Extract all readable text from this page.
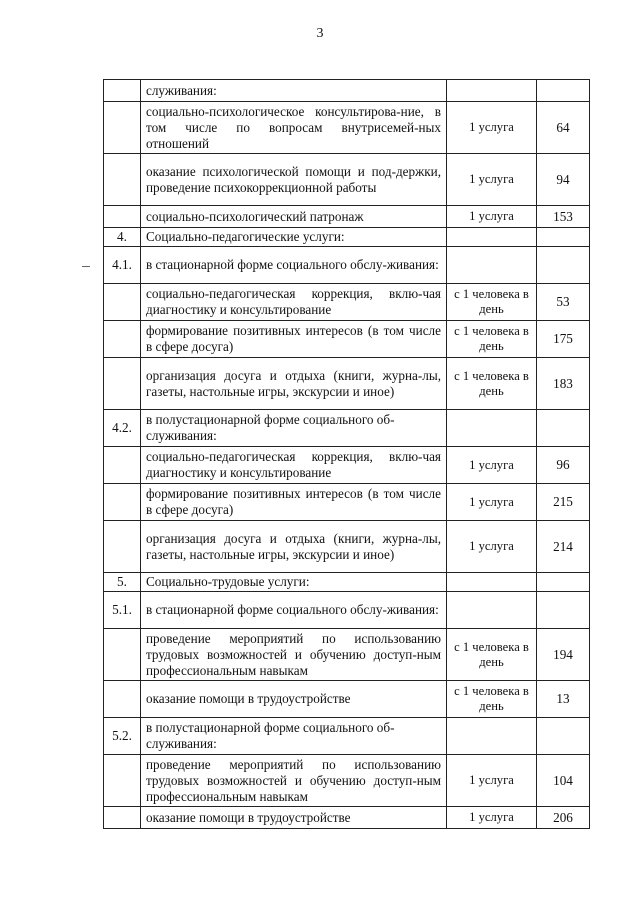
3
	служивания:		
	социально-психологическое консультирова-ние, в том числе по вопросам внутрисемей-ных отношений	1 услуга	64
	оказание психологической помощи и под-держки, проведение психокоррекционной работы	1 услуга	94
	социально-психологический патронаж	1 услуга	153
4.	Социально-педагогические услуги:		
4.1.	в стационарной форме социального обслу-живания:		
	социально-педагогическая коррекция, вклю-чая диагностику и консультирование	с 1 человека в день	53
	формирование позитивных интересов (в том числе в сфере досуга)	с 1 человека в день	175
	организация досуга и отдыха (книги, журна-лы, газеты, настольные игры, экскурсии и иное)	с 1 человека в день	183
4.2.	в полустационарной форме социального об-служивания:		
	социально-педагогическая коррекция, вклю-чая диагностику и консультирование	1 услуга	96
	формирование позитивных интересов (в том числе в сфере досуга)	1 услуга	215
	организация досуга и отдыха (книги, журна-лы, газеты, настольные игры, экскурсии и иное)	1 услуга	214
5.	Социально-трудовые услуги:		
5.1.	в стационарной форме социального обслу-живания:		
	проведение мероприятий по использованию трудовых возможностей и обучению доступ-ным профессиональным навыкам	с 1 человека в день	194
	оказание помощи в трудоустройстве	с 1 человека в день	13
5.2.	в полустационарной форме социального об-служивания:		
	проведение мероприятий по использованию трудовых возможностей и обучению доступ-ным профессиональным навыкам	1 услуга	104
	оказание помощи в трудоустройстве	1 услуга	206
